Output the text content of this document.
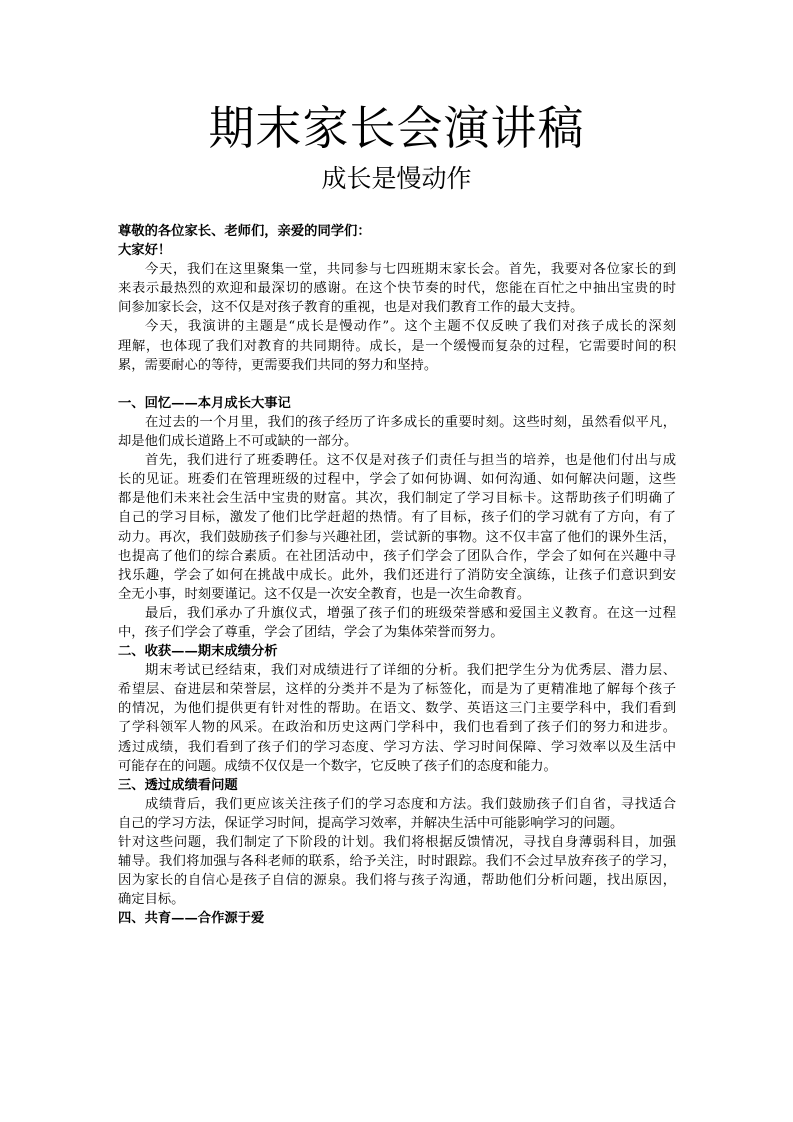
期末家长会演讲稿
成长是慢动作
尊敬的各位家长、老师们，亲爱的同学们：
大家好！
今天，我们在这里聚集一堂，共同参与七四班期末家长会。首先，我要对各位家长的到
来表示最热烈的欢迎和最深切的感谢。在这个快节奏的时代，您能在百忙之中抽出宝贵的时
间参加家长会，这不仅是对孩子教育的重视，也是对我们教育工作的最大支持。
今天，我演讲的主题是“成长是慢动作”。这个主题不仅反映了我们对孩子成长的深刻
理解，也体现了我们对教育的共同期待。成长，是一个缓慢而复杂的过程，它需要时间的积
累，需要耐心的等待，更需要我们共同的努力和坚持。
一、回忆——本月成长大事记
在过去的一个月里，我们的孩子经历了许多成长的重要时刻。这些时刻，虽然看似平凡，
却是他们成长道路上不可或缺的一部分。
首先，我们进行了班委聘任。这不仅是对孩子们责任与担当的培养，也是他们付出与成
长的见证。班委们在管理班级的过程中，学会了如何协调、如何沟通、如何解决问题，这些
都是他们未来社会生活中宝贵的财富。其次，我们制定了学习目标卡。这帮助孩子们明确了
自己的学习目标，激发了他们比学赶超的热情。有了目标，孩子们的学习就有了方向，有了
动力。再次，我们鼓励孩子们参与兴趣社团，尝试新的事物。这不仅丰富了他们的课外生活，
也提高了他们的综合素质。在社团活动中，孩子们学会了团队合作，学会了如何在兴趣中寻
找乐趣，学会了如何在挑战中成长。此外，我们还进行了消防安全演练，让孩子们意识到安
全无小事，时刻要谨记。这不仅是一次安全教育，也是一次生命教育。
最后，我们承办了升旗仪式，增强了孩子们的班级荣誉感和爱国主义教育。在这一过程
中，孩子们学会了尊重，学会了团结，学会了为集体荣誉而努力。
二、收获——期末成绩分析
期末考试已经结束，我们对成绩进行了详细的分析。我们把学生分为优秀层、潜力层、
希望层、奋进层和荣誉层，这样的分类并不是为了标签化，而是为了更精准地了解每个孩子
的情况，为他们提供更有针对性的帮助。在语文、数学、英语这三门主要学科中，我们看到
了学科领军人物的风采。在政治和历史这两门学科中，我们也看到了孩子们的努力和进步。
透过成绩，我们看到了孩子们的学习态度、学习方法、学习时间保障、学习效率以及生活中
可能存在的问题。成绩不仅仅是一个数字，它反映了孩子们的态度和能力。
三、透过成绩看问题
成绩背后，我们更应该关注孩子们的学习态度和方法。我们鼓励孩子们自省，寻找适合
自己的学习方法，保证学习时间，提高学习效率，并解决生活中可能影响学习的问题。
针对这些问题，我们制定了下阶段的计划。我们将根据反馈情况，寻找自身薄弱科目，加强
辅导。我们将加强与各科老师的联系，给予关注，时时跟踪。我们不会过早放弃孩子的学习，
因为家长的自信心是孩子自信的源泉。我们将与孩子沟通，帮助他们分析问题，找出原因，
确定目标。
四、共育——合作源于爱
